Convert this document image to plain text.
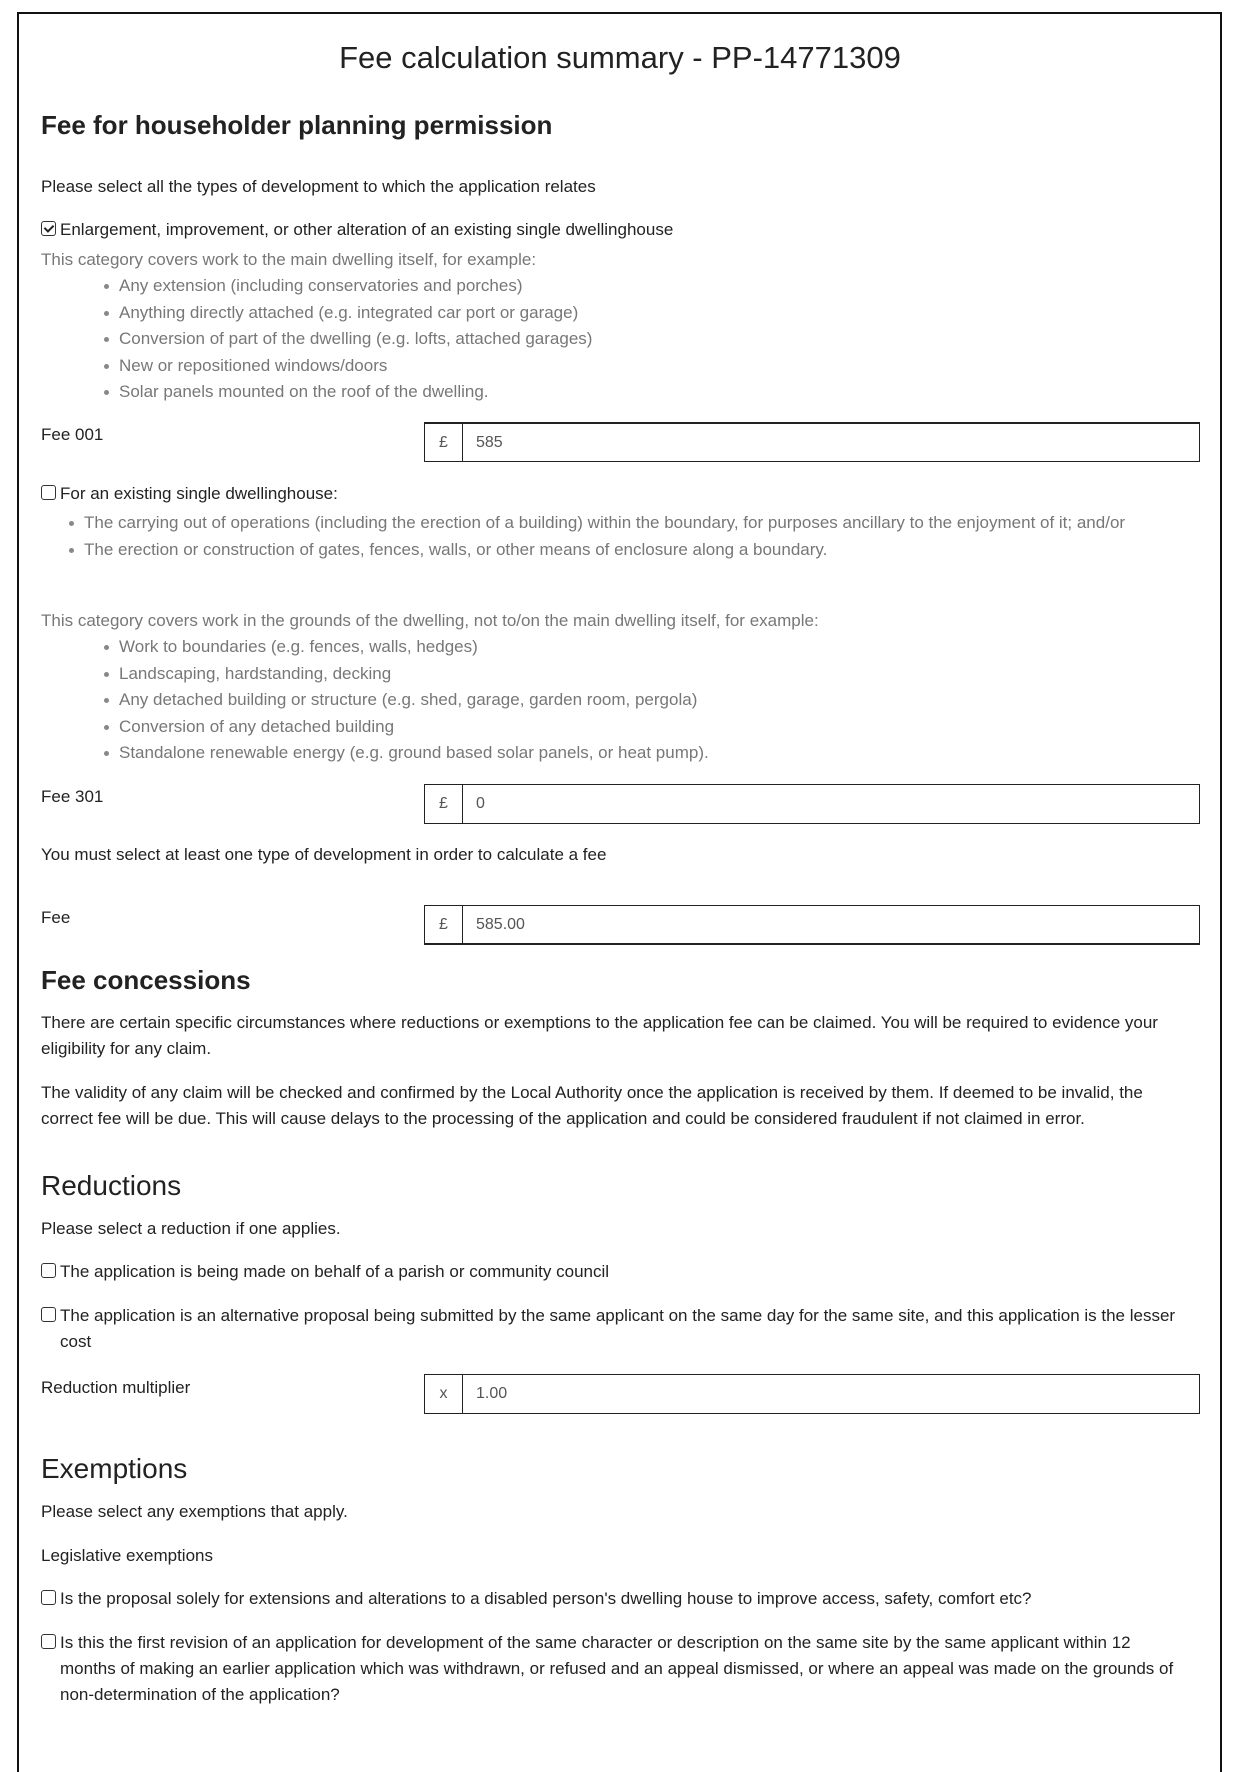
Fee calculation summary - PP-14771309
Fee for householder planning permission
Please select all the types of development to which the application relates
Enlargement, improvement, or other alteration of an existing single dwellinghouse
This category covers work to the main dwelling itself, for example:
Any extension (including conservatories and porches)
Anything directly attached (e.g. integrated car port or garage)
Conversion of part of the dwelling (e.g. lofts, attached garages)
New or repositioned windows/doors
Solar panels mounted on the roof of the dwelling.
Fee 001	£	585
For an existing single dwellinghouse:
The carrying out of operations (including the erection of a building) within the boundary, for purposes ancillary to the enjoyment of it; and/or
The erection or construction of gates, fences, walls, or other means of enclosure along a boundary.
This category covers work in the grounds of the dwelling, not to/on the main dwelling itself, for example:
Work to boundaries (e.g. fences, walls, hedges)
Landscaping, hardstanding, decking
Any detached building or structure (e.g. shed, garage, garden room, pergola)
Conversion of any detached building
Standalone renewable energy (e.g. ground based solar panels, or heat pump).
Fee 301	£	0
You must select at least one type of development in order to calculate a fee
Fee	£	585.00
Fee concessions
There are certain specific circumstances where reductions or exemptions to the application fee can be claimed. You will be required to evidence your eligibility for any claim.
The validity of any claim will be checked and confirmed by the Local Authority once the application is received by them. If deemed to be invalid, the correct fee will be due. This will cause delays to the processing of the application and could be considered fraudulent if not claimed in error.
Reductions
Please select a reduction if one applies.
The application is being made on behalf of a parish or community council
The application is an alternative proposal being submitted by the same applicant on the same day for the same site, and this application is the lesser cost
Reduction multiplier	x	1.00
Exemptions
Please select any exemptions that apply.
Legislative exemptions
Is the proposal solely for extensions and alterations to a disabled person's dwelling house to improve access, safety, comfort etc?
Is this the first revision of an application for development of the same character or description on the same site by the same applicant within 12 months of making an earlier application which was withdrawn, or refused and an appeal dismissed, or where an appeal was made on the grounds of non-determination of the application?
